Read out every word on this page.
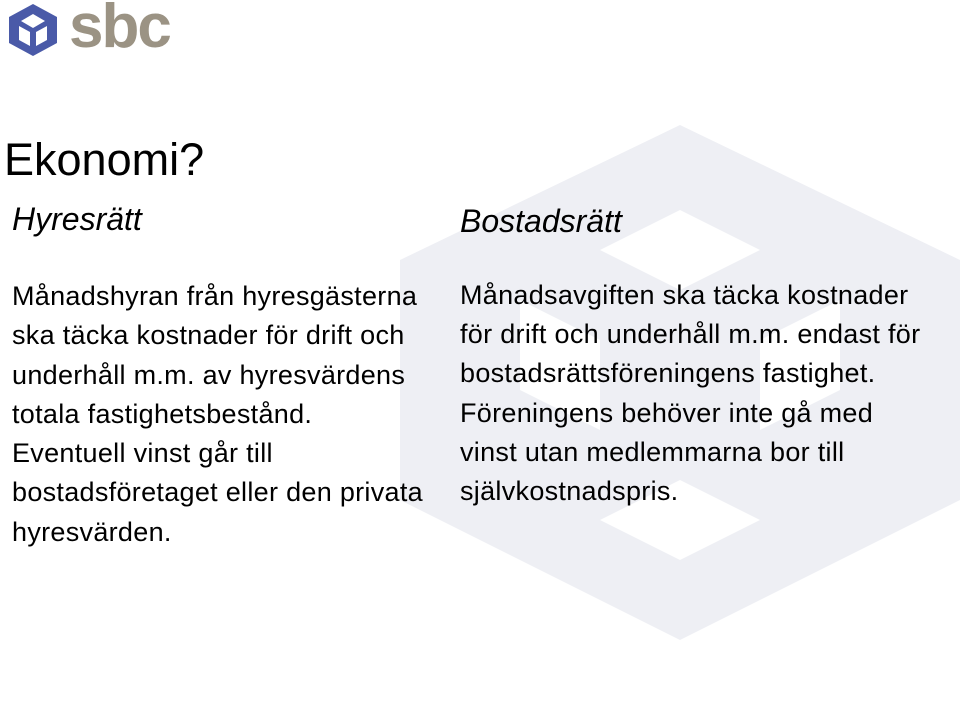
sbc
Ekonomi?
Hyresrätt

Månadshyran från hyresgästerna ska täcka kostnader för drift och underhåll m.m. av hyresvärdens totala fastighetsbestånd. Eventuell vinst går till bostadsföretaget eller den privata hyresvärden.

Bostadsrätt

Månadsavgiften ska täcka kostnader för drift och underhåll m.m. endast för bostadsrättsföreningens fastighet. Föreningens behöver inte gå med vinst utan medlemmarna bor till självkostnadspris.
